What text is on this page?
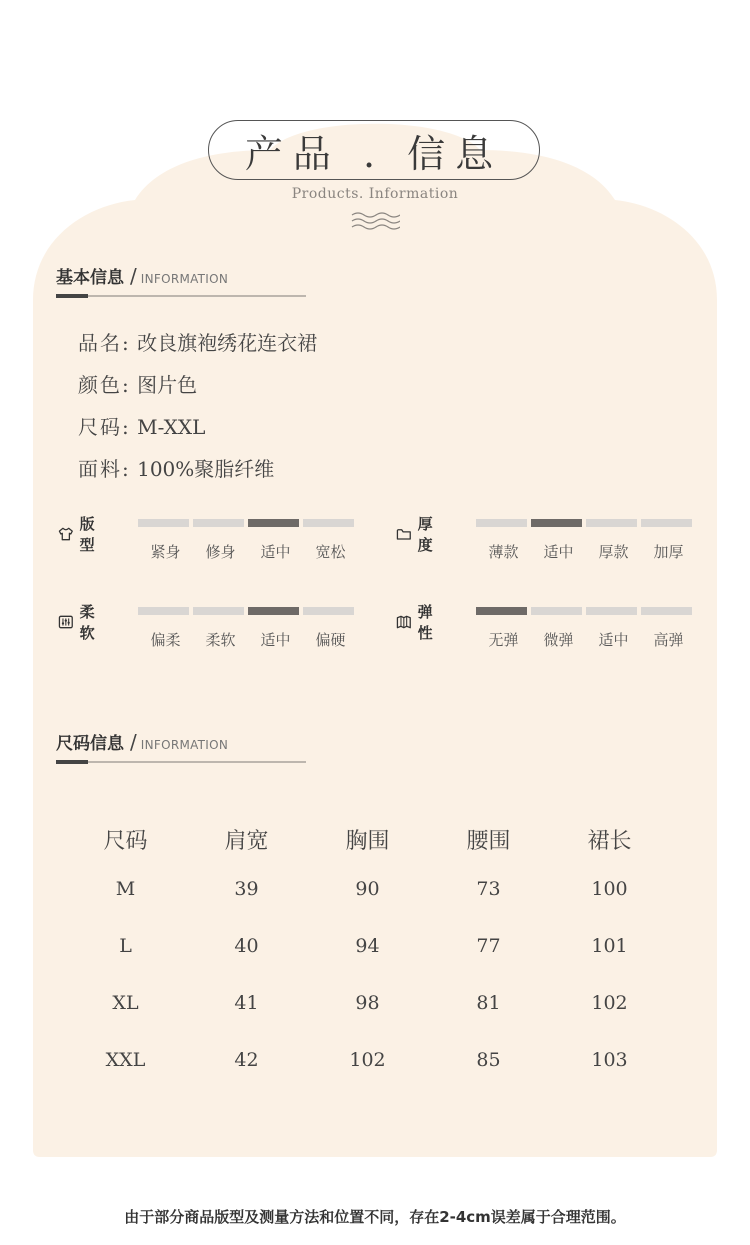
产品 . 信息
Products. Information
基本信息 / INFORMATION
品名: 改良旗袍绣花连衣裙
颜色: 图片色
尺码: M-XXL
面料: 100%聚脂纤维
版型	紧身	修身	适中	宽松
厚度	薄款	适中	厚款	加厚
柔软	偏柔	柔软	适中	偏硬
弹性	无弹	微弹	适中	高弹
尺码信息 / INFORMATION
尺码	肩宽	胸围	腰围	裙长
M	39	90	73	100
L	40	94	77	101
XL	41	98	81	102
XXL	42	102	85	103
由于部分商品版型及测量方法和位置不同，存在2-4cm误差属于合理范围。
